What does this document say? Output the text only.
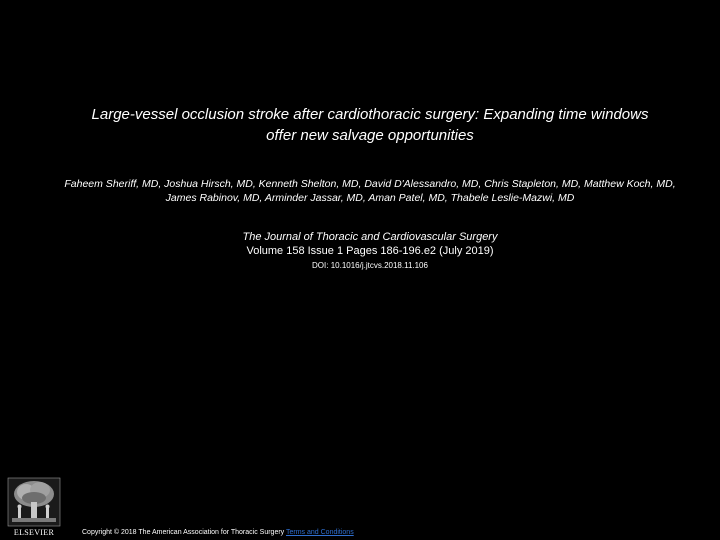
Large-vessel occlusion stroke after cardiothoracic surgery: Expanding time windows
offer new salvage opportunities
Faheem Sheriff, MD, Joshua Hirsch, MD, Kenneth Shelton, MD, David D'Alessandro, MD, Chris Stapleton, MD, Matthew Koch, MD,
James Rabinov, MD, Arminder Jassar, MD, Aman Patel, MD, Thabele Leslie-Mazwi, MD
The Journal of Thoracic and Cardiovascular Surgery
Volume 158 Issue 1 Pages 186-196.e2 (July 2019)
DOI: 10.1016/j.jtcvs.2018.11.106
ELSEVIER	Copyright © 2018 The American Association for Thoracic Surgery Terms and Conditions
